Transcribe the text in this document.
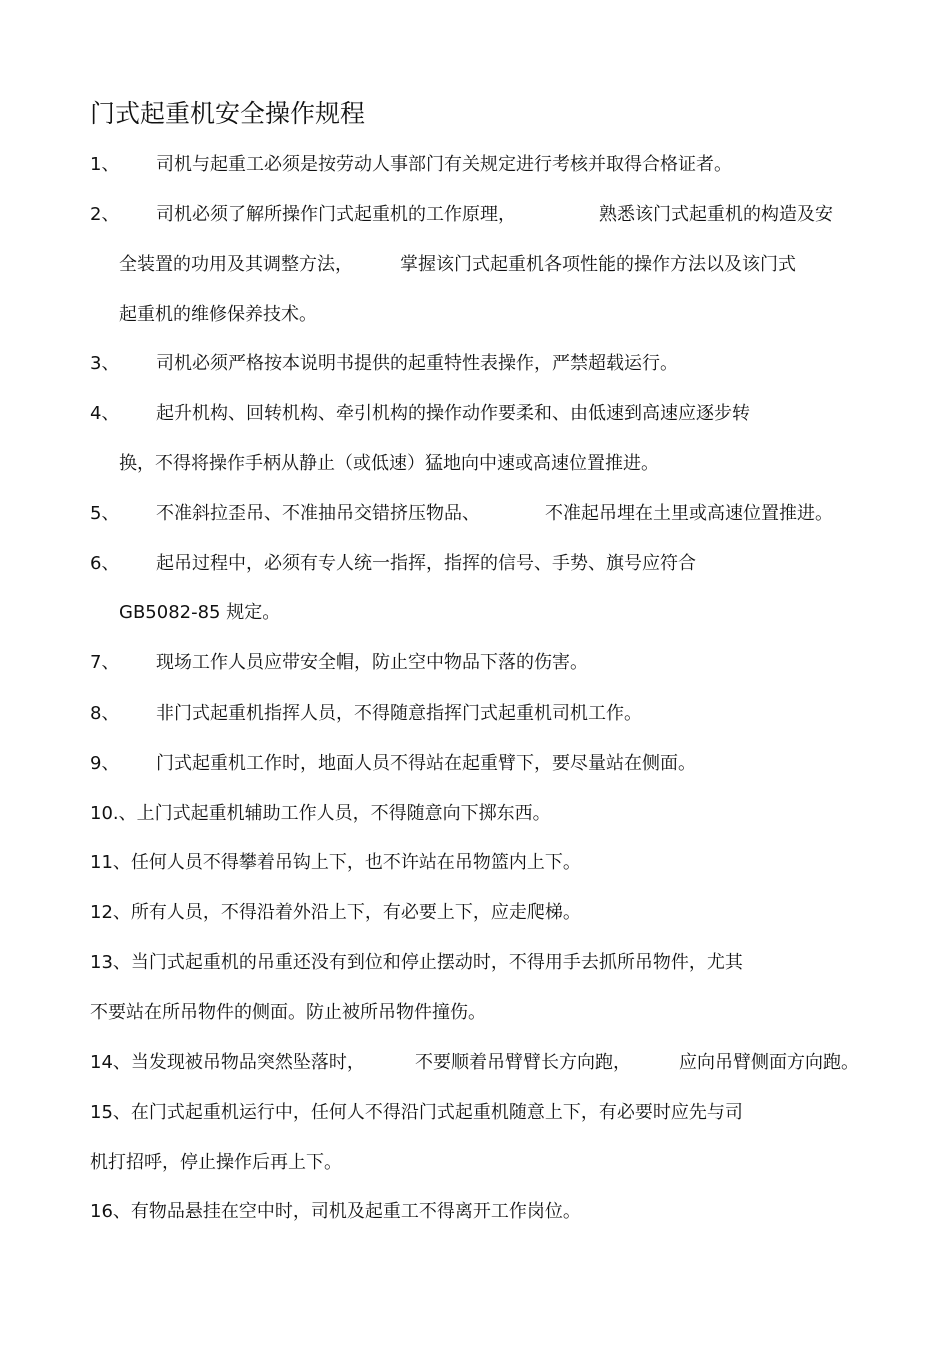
门式起重机安全操作规程
1、 司机与起重工必须是按劳动人事部门有关规定进行考核并取得合格证者。
2、 司机必须了解所操作门式起重机的工作原理，	熟悉该门式起重机的构造及安
全装置的功用及其调整方法，	掌握该门式起重机各项性能的操作方法以及该门式
起重机的维修保养技术。
3、 司机必须严格按本说明书提供的起重特性表操作，严禁超载运行。
4、 起升机构、回转机构、牵引机构的操作动作要柔和、由低速到高速应逐步转
换，不得将操作手柄从静止（或低速）猛地向中速或高速位置推进。
5、 不准斜拉歪吊、不准抽吊交错挤压物品、	不准起吊埋在土里或高速位置推进。
6、 起吊过程中，必须有专人统一指挥，指挥的信号、手势、旗号应符合
GB5082-85 规定。
7、 现场工作人员应带安全帽，防止空中物品下落的伤害。
8、 非门式起重机指挥人员，不得随意指挥门式起重机司机工作。
9、 门式起重机工作时，地面人员不得站在起重臂下，要尽量站在侧面。
10.、上门式起重机辅助工作人员，不得随意向下掷东西。
11、任何人员不得攀着吊钩上下，也不许站在吊物篮内上下。
12、所有人员，不得沿着外沿上下，有必要上下，应走爬梯。
13、当门式起重机的吊重还没有到位和停止摆动时，不得用手去抓所吊物件，尤其
不要站在所吊物件的侧面。防止被所吊物件撞伤。
14、当发现被吊物品突然坠落时，	不要顺着吊臂臂长方向跑，	应向吊臂侧面方向跑。
15、在门式起重机运行中，任何人不得沿门式起重机随意上下，有必要时应先与司
机打招呼，停止操作后再上下。
16、有物品悬挂在空中时，司机及起重工不得离开工作岗位。
